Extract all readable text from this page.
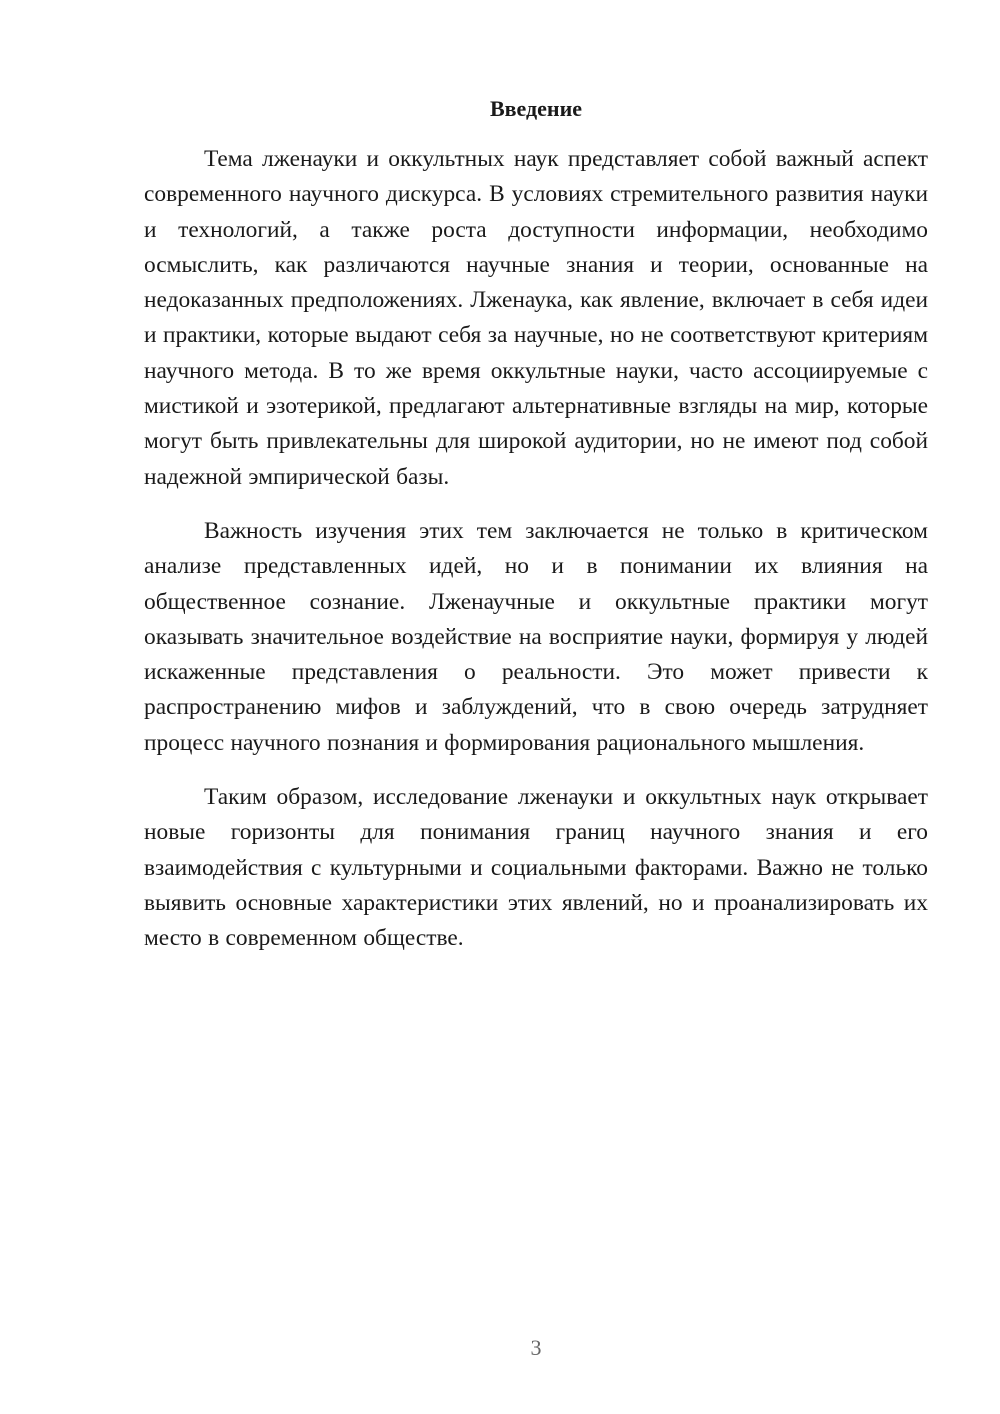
Введение

Тема лженауки и оккультных наук представляет собой важный аспект современного научного дискурса. В условиях стремительного развития науки и технологий, а также роста доступности информации, необходимо осмыслить, как различаются научные знания и теории, основанные на недоказанных предположениях. Лженаука, как явление, включает в себя идеи и практики, которые выдают себя за научные, но не соответствуют критериям научного метода. В то же время оккультные науки, часто ассоциируемые с мистикой и эзотерикой, предлагают альтернативные взгляды на мир, которые могут быть привлекательны для широкой аудитории, но не имеют под собой надежной эмпирической базы.

Важность изучения этих тем заключается не только в критическом анализе представленных идей, но и в понимании их влияния на общественное сознание. Лженаучные и оккультные практики могут оказывать значительное воздействие на восприятие науки, формируя у людей искаженные представления о реальности. Это может привести к распространению мифов и заблуждений, что в свою очередь затрудняет процесс научного познания и формирования рационального мышления.

Таким образом, исследование лженауки и оккультных наук открывает новые горизонты для понимания границ научного знания и его взаимодействия с культурными и социальными факторами. Важно не только выявить основные характеристики этих явлений, но и проанализировать их место в современном обществе.

3
